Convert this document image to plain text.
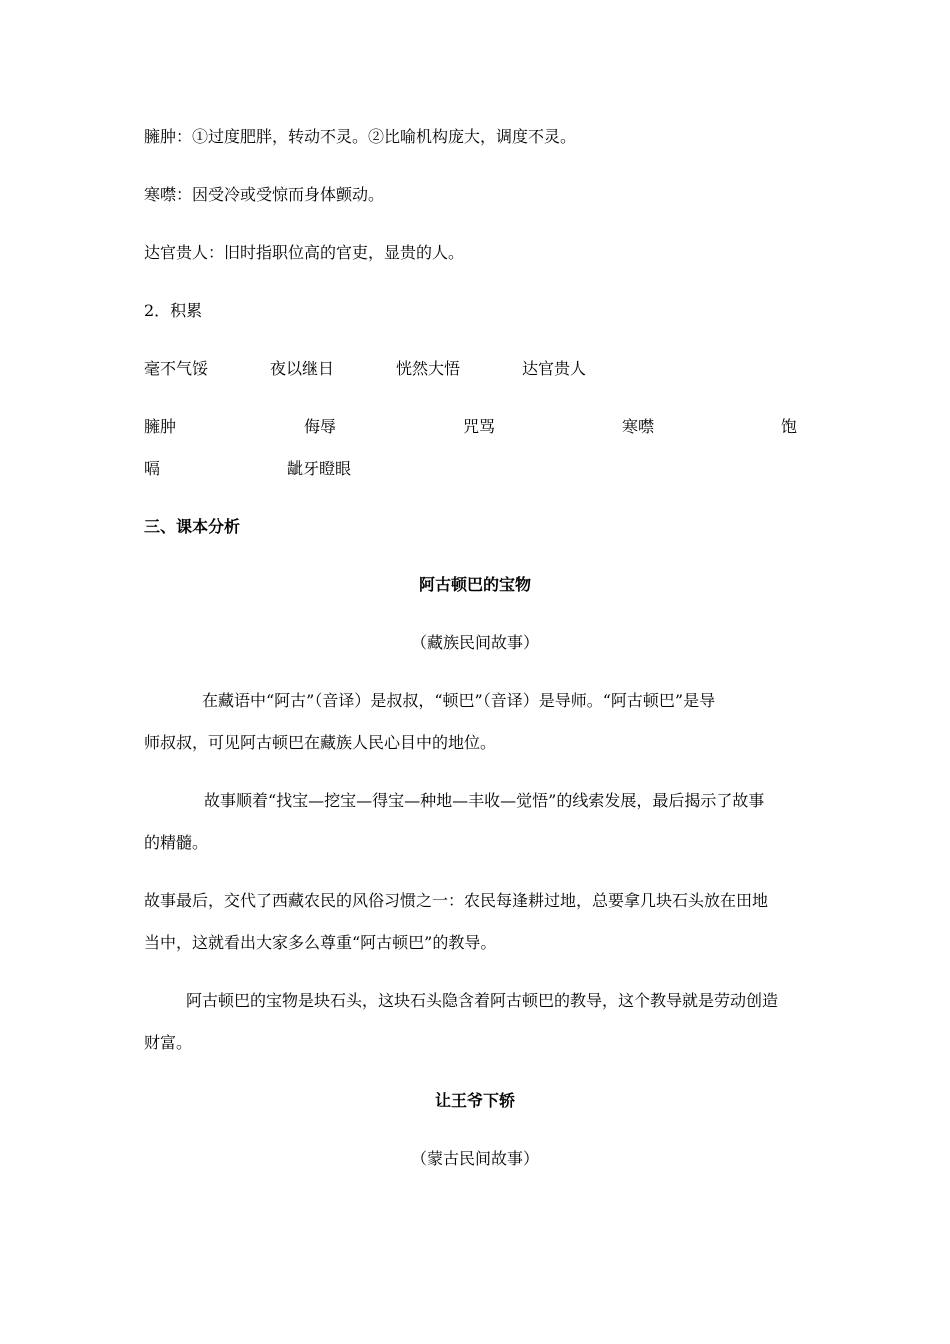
臃肿：①过度肥胖，转动不灵。②比喻机构庞大，调度不灵。

寒噤：因受冷或受惊而身体颤动。

达官贵人：旧时指职位高的官吏，显贵的人。

2．积累

毫不气馁	夜以继日	恍然大悟	达官贵人
臃肿	侮辱	咒骂	寒噤	饱
嗝	龇牙瞪眼

三、课本分析

阿古顿巴的宝物
（藏族民间故事）

在藏语中“阿古”（音译）是叔叔，“顿巴”（音译）是导师。“阿古顿巴”是导

师叔叔，可见阿古顿巴在藏族人民心目中的地位。

故事顺着“找宝—挖宝—得宝—种地—丰收—觉悟”的线索发展，最后揭示了故事

的精髓。

故事最后，交代了西藏农民的风俗习惯之一：农民每逢耕过地，总要拿几块石头放在田地

当中，这就看出大家多么尊重“阿古顿巴”的教导。

阿古顿巴的宝物是块石头，这块石头隐含着阿古顿巴的教导，这个教导就是劳动创造

财富。

让王爷下轿
（蒙古民间故事）
